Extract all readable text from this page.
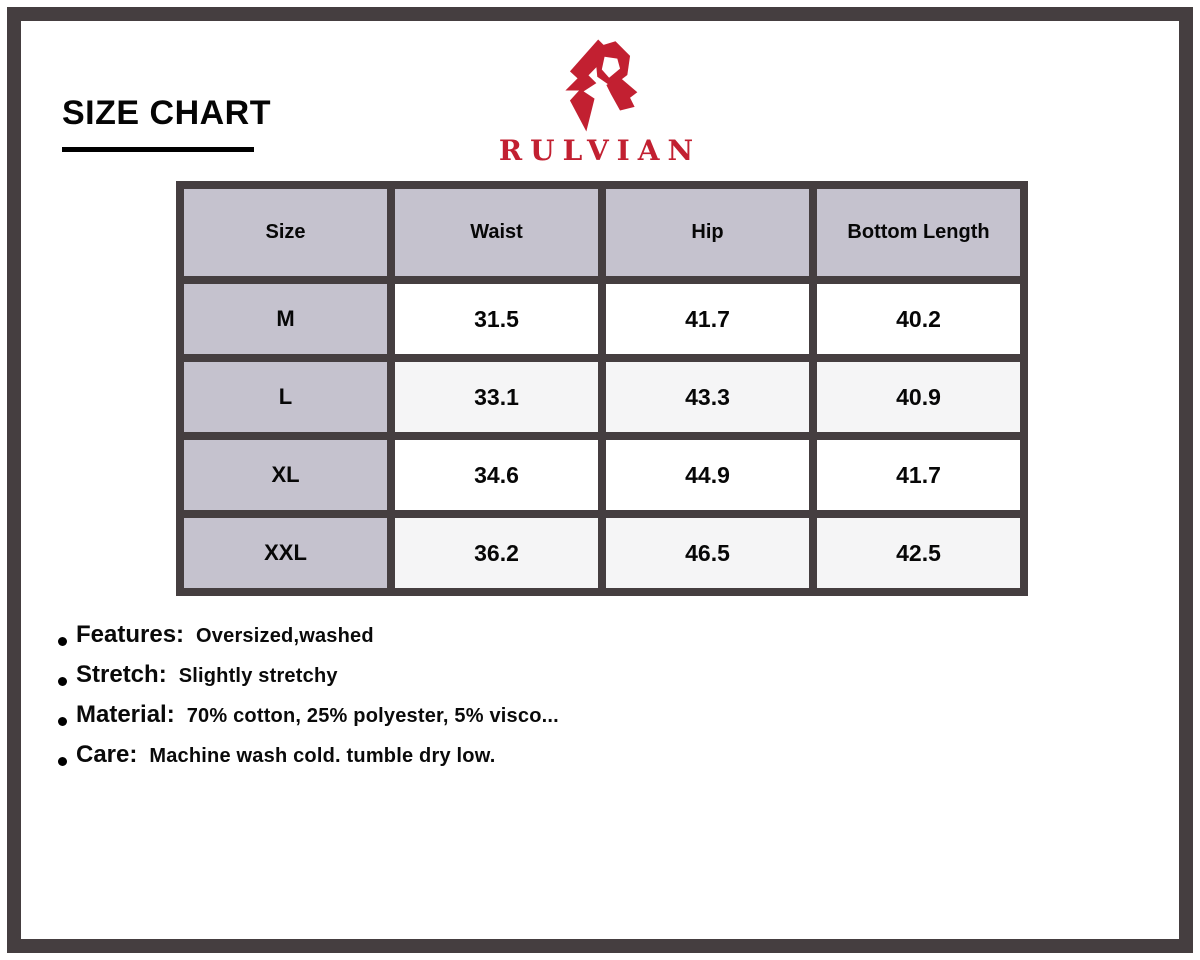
SIZE CHART
RULVIAN
Size	Waist	Hip	Bottom Length
M	31.5	41.7	40.2
L	33.1	43.3	40.9
XL	34.6	44.9	41.7
XXL	36.2	46.5	42.5
Features: Oversized,washed
Stretch: Slightly stretchy
Material: 70% cotton, 25% polyester, 5% visco...
Care: Machine wash cold. tumble dry low.
